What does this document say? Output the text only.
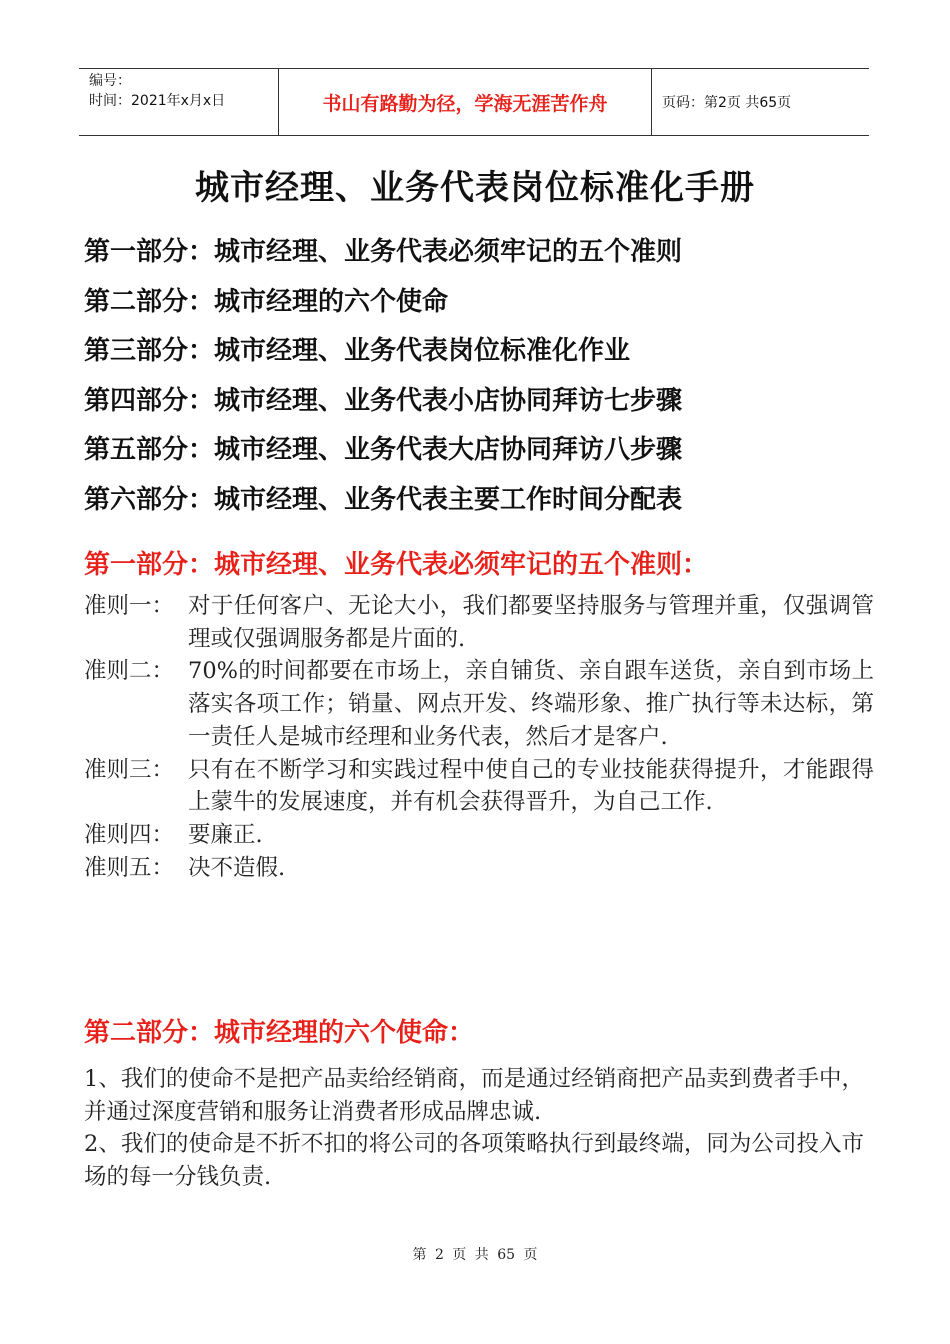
编号：
时间：2021年x月x日	书山有路勤为径，学海无涯苦作舟	页码：第2页 共65页
城市经理、业务代表岗位标准化手册
第一部分：城市经理、业务代表必须牢记的五个准则
第二部分：城市经理的六个使命
第三部分：城市经理、业务代表岗位标准化作业
第四部分：城市经理、业务代表小店协同拜访七步骤
第五部分：城市经理、业务代表大店协同拜访八步骤
第六部分：城市经理、业务代表主要工作时间分配表
第一部分：城市经理、业务代表必须牢记的五个准则：
准则一： 对于任何客户、无论大小，我们都要坚持服务与管理并重，仅强调管理或仅强调服务都是片面的.
准则二： 70%的时间都要在市场上，亲自铺货、亲自跟车送货，亲自到市场上落实各项工作；销量、网点开发、终端形象、推广执行等未达标，第一责任人是城市经理和业务代表，然后才是客户.
准则三： 只有在不断学习和实践过程中使自己的专业技能获得提升，才能跟得上蒙牛的发展速度，并有机会获得晋升，为自己工作.
准则四： 要廉正.
准则五： 决不造假.
第二部分：城市经理的六个使命：
1、我们的使命不是把产品卖给经销商，而是通过经销商把产品卖到费者手中，并通过深度营销和服务让消费者形成品牌忠诚.
2、我们的使命是不折不扣的将公司的各项策略执行到最终端，同为公司投入市场的每一分钱负责.
第 2 页 共 65 页
